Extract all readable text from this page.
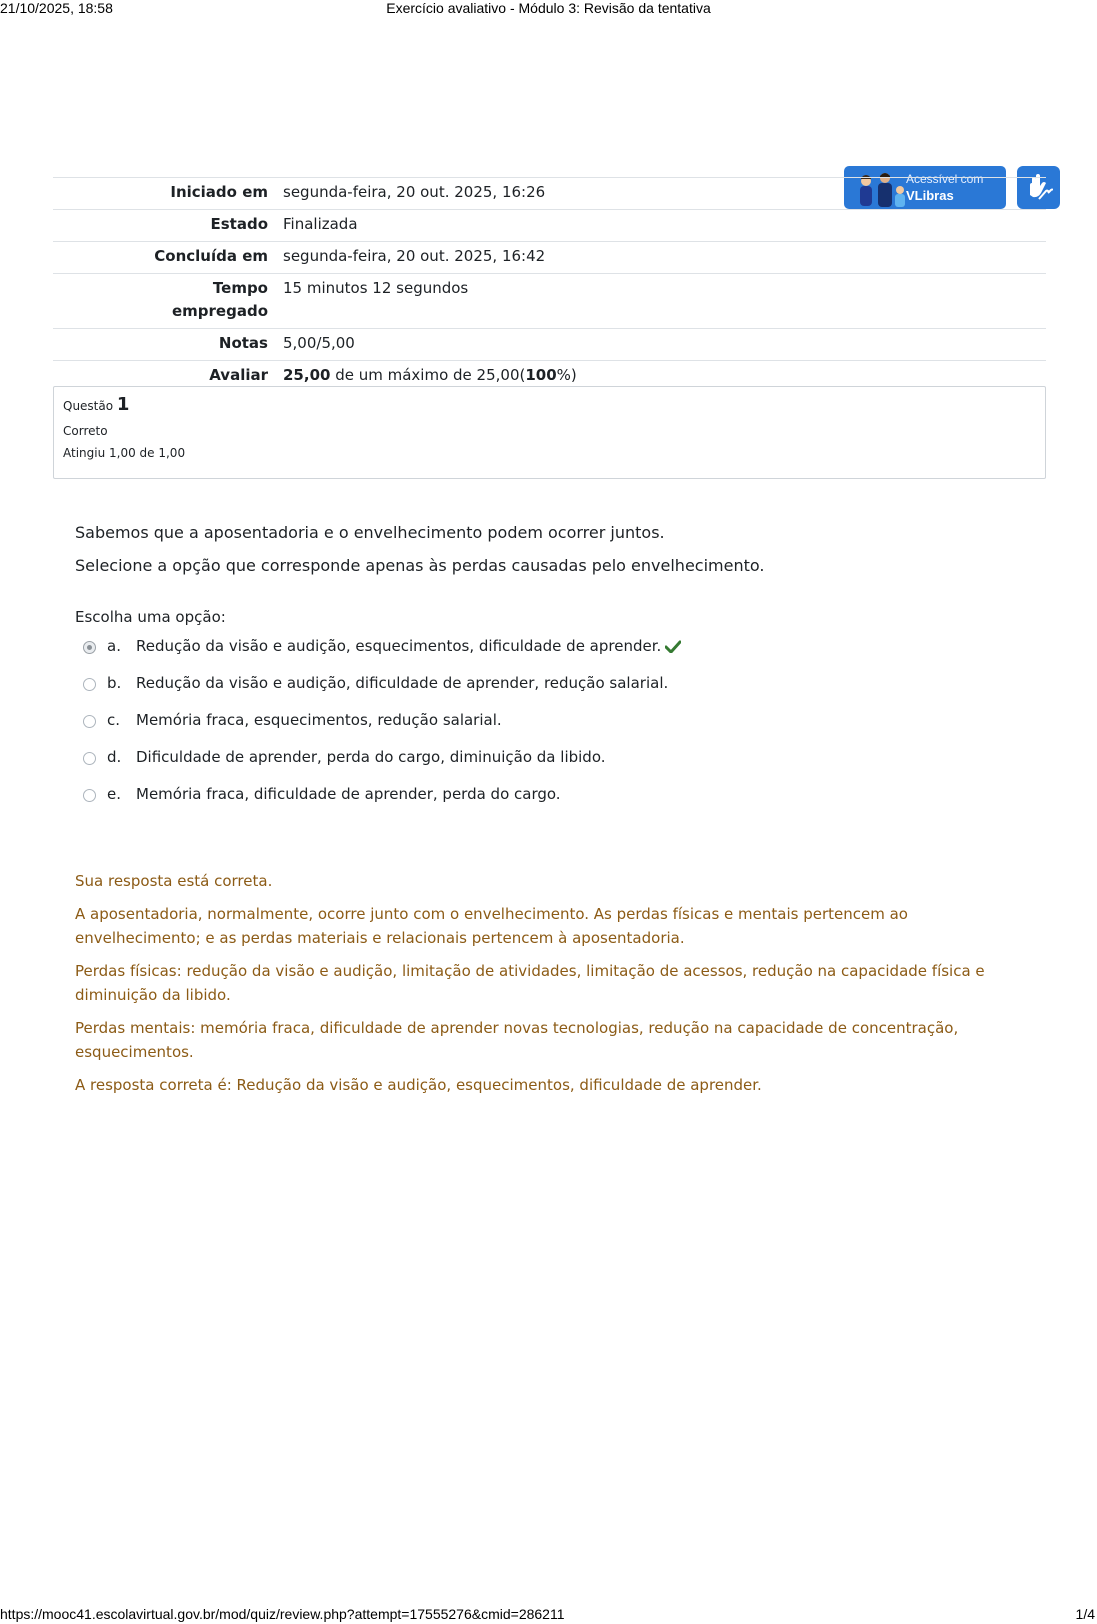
21/10/2025, 18:58	Exercício avaliativo - Módulo 3: Revisão da tentativa
Acessível com
VLibras
Iniciado em	segunda-feira, 20 out. 2025, 16:26
Estado	Finalizada
Concluída em	segunda-feira, 20 out. 2025, 16:42
Tempo empregado	15 minutos 12 segundos
Notas	5,00/5,00
Avaliar	25,00 de um máximo de 25,00(100%)
Questão 1
Correto
Atingiu 1,00 de 1,00

Sabemos que a aposentadoria e o envelhecimento podem ocorrer juntos.

Selecione a opção que corresponde apenas às perdas causadas pelo envelhecimento.

Escolha uma opção:
a. Redução da visão e audição, esquecimentos, dificuldade de aprender.
b. Redução da visão e audição, dificuldade de aprender, redução salarial.
c. Memória fraca, esquecimentos, redução salarial.
d. Dificuldade de aprender, perda do cargo, diminuição da libido.
e. Memória fraca, dificuldade de aprender, perda do cargo.

Sua resposta está correta.

A aposentadoria, normalmente, ocorre junto com o envelhecimento. As perdas físicas e mentais pertencem ao envelhecimento; e as perdas materiais e relacionais pertencem à aposentadoria.

Perdas físicas: redução da visão e audição, limitação de atividades, limitação de acessos, redução na capacidade física e diminuição da libido.

Perdas mentais: memória fraca, dificuldade de aprender novas tecnologias, redução na capacidade de concentração, esquecimentos.

A resposta correta é: Redução da visão e audição, esquecimentos, dificuldade de aprender.

https://mooc41.escolavirtual.gov.br/mod/quiz/review.php?attempt=17555276&cmid=286211	1/4
